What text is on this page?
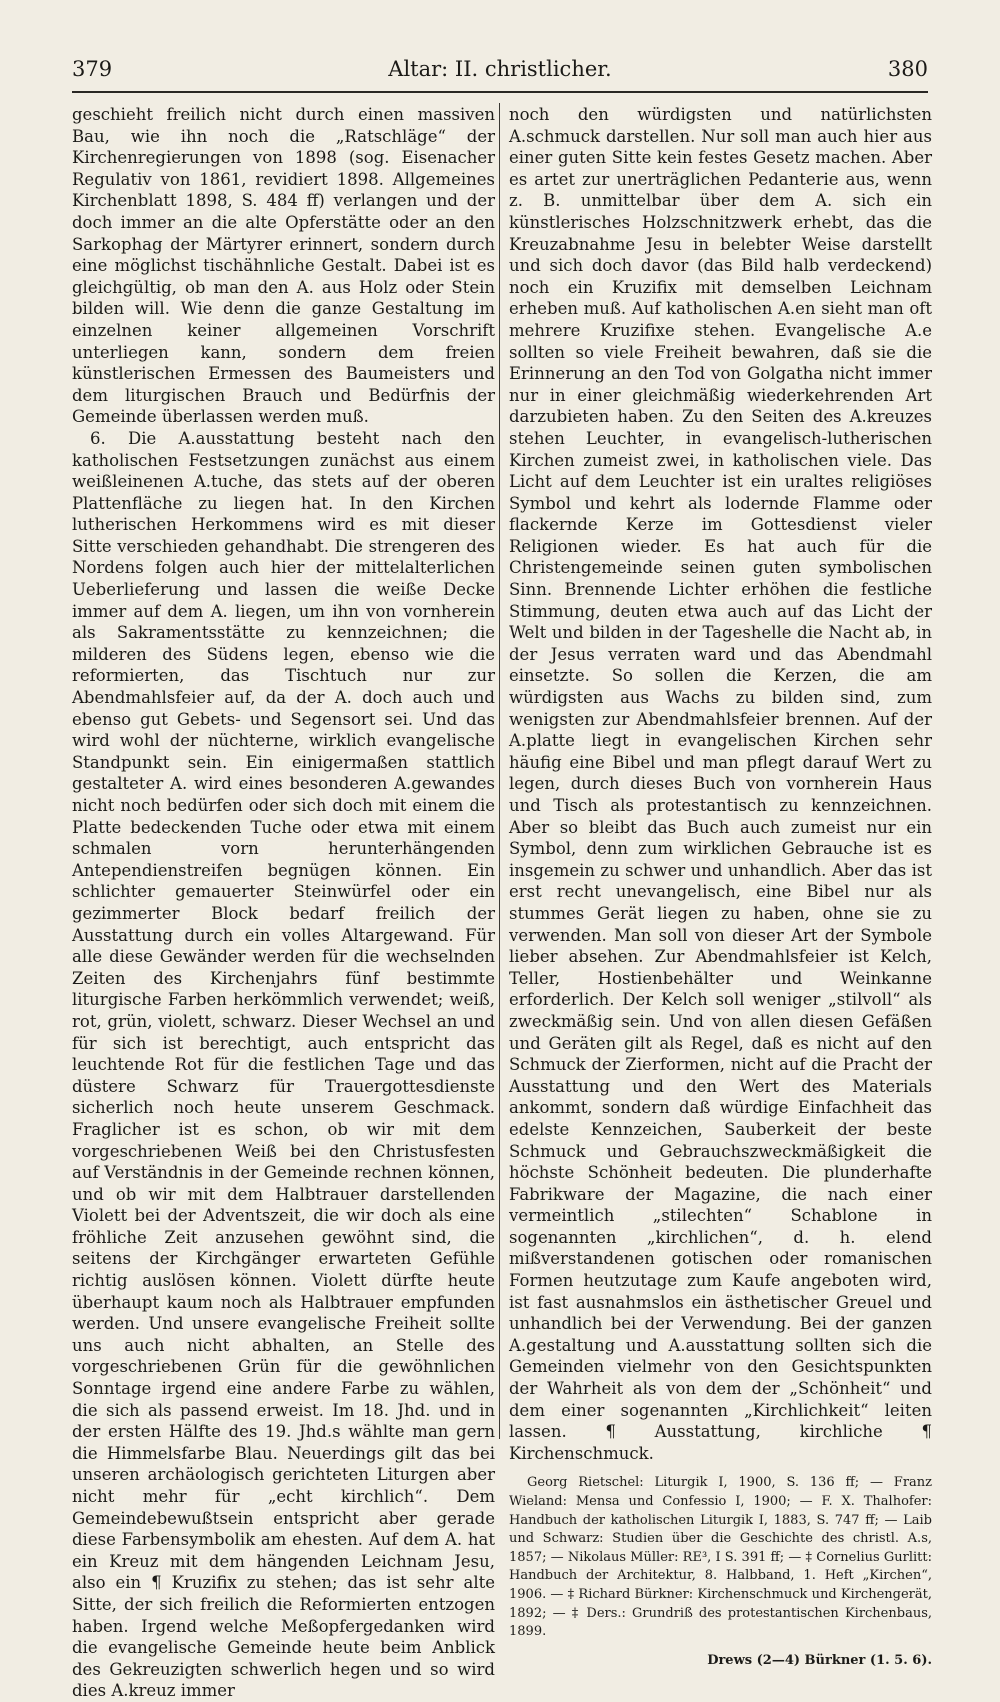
379	Altar: II. christlicher.	380

geschieht freilich nicht durch einen massiven Bau, wie ihn noch die „Ratschläge“ der Kirchenregierungen von 1898 (sog. Eisenacher Regulativ von 1861, revidiert 1898. Allgemeines Kirchenblatt 1898, S. 484 ff) verlangen und der doch immer an die alte Opferstätte oder an den Sarkophag der Märtyrer erinnert, sondern durch eine möglichst tischähnliche Gestalt. Dabei ist es gleichgültig, ob man den A. aus Holz oder Stein bilden will. Wie denn die ganze Gestaltung im einzelnen keiner allgemeinen Vorschrift unterliegen kann, sondern dem freien künstlerischen Ermessen des Baumeisters und dem liturgischen Brauch und Bedürfnis der Gemeinde überlassen werden muß.

6. Die A.ausstattung besteht nach den katholischen Festsetzungen zunächst aus einem weißleinenen A.tuche, das stets auf der oberen Plattenfläche zu liegen hat. In den Kirchen lutherischen Herkommens wird es mit dieser Sitte verschieden gehandhabt. Die strengeren des Nordens folgen auch hier der mittelalterlichen Ueberlieferung und lassen die weiße Decke immer auf dem A. liegen, um ihn von vornherein als Sakramentsstätte zu kennzeichnen; die milderen des Südens legen, ebenso wie die reformierten, das Tischtuch nur zur Abendmahlsfeier auf, da der A. doch auch und ebenso gut Gebets- und Segensort sei. Und das wird wohl der nüchterne, wirklich evangelische Standpunkt sein. Ein einigermaßen stattlich gestalteter A. wird eines besonderen A.gewandes nicht noch bedürfen oder sich doch mit einem die Platte bedeckenden Tuche oder etwa mit einem schmalen vorn herunterhängenden Antependienstreifen begnügen können. Ein schlichter gemauerter Steinwürfel oder ein gezimmerter Block bedarf freilich der Ausstattung durch ein volles Altargewand. Für alle diese Gewänder werden für die wechselnden Zeiten des Kirchenjahrs fünf bestimmte liturgische Farben herkömmlich verwendet; weiß, rot, grün, violett, schwarz. Dieser Wechsel an und für sich ist berechtigt, auch entspricht das leuchtende Rot für die festlichen Tage und das düstere Schwarz für Trauergottesdienste sicherlich noch heute unserem Geschmack. Fraglicher ist es schon, ob wir mit dem vorgeschriebenen Weiß bei den Christusfesten auf Verständnis in der Gemeinde rechnen können, und ob wir mit dem Halbtrauer darstellenden Violett bei der Adventszeit, die wir doch als eine fröhliche Zeit anzusehen gewöhnt sind, die seitens der Kirchgänger erwarteten Gefühle richtig auslösen können. Violett dürfte heute überhaupt kaum noch als Halbtrauer empfunden werden. Und unsere evangelische Freiheit sollte uns auch nicht abhalten, an Stelle des vorgeschriebenen Grün für die gewöhnlichen Sonntage irgend eine andere Farbe zu wählen, die sich als passend erweist. Im 18. Jhd. und in der ersten Hälfte des 19. Jhd.s wählte man gern die Himmelsfarbe Blau. Neuerdings gilt das bei unseren archäologisch gerichteten Liturgen aber nicht mehr für „echt kirchlich“. Dem Gemeindebewußtsein entspricht aber gerade diese Farbensymbolik am ehesten. Auf dem A. hat ein Kreuz mit dem hängenden Leichnam Jesu, also ein ¶ Kruzifix zu stehen; das ist sehr alte Sitte, der sich freilich die Reformierten entzogen haben. Irgend welche Meßopfergedanken wird die evangelische Gemeinde heute beim Anblick des Gekreuzigten schwerlich hegen und so wird dies A.kreuz immer

noch den würdigsten und natürlichsten A.schmuck darstellen. Nur soll man auch hier aus einer guten Sitte kein festes Gesetz machen. Aber es artet zur unerträglichen Pedanterie aus, wenn z. B. unmittelbar über dem A. sich ein künstlerisches Holzschnitzwerk erhebt, das die Kreuzabnahme Jesu in belebter Weise darstellt und sich doch davor (das Bild halb verdeckend) noch ein Kruzifix mit demselben Leichnam erheben muß. Auf katholischen A.en sieht man oft mehrere Kruzifixe stehen. Evangelische A.e sollten so viele Freiheit bewahren, daß sie die Erinnerung an den Tod von Golgatha nicht immer nur in einer gleichmäßig wiederkehrenden Art darzubieten haben. Zu den Seiten des A.kreuzes stehen Leuchter, in evangelisch-lutherischen Kirchen zumeist zwei, in katholischen viele. Das Licht auf dem Leuchter ist ein uraltes religiöses Symbol und kehrt als lodernde Flamme oder flackernde Kerze im Gottesdienst vieler Religionen wieder. Es hat auch für die Christengemeinde seinen guten symbolischen Sinn. Brennende Lichter erhöhen die festliche Stimmung, deuten etwa auch auf das Licht der Welt und bilden in der Tageshelle die Nacht ab, in der Jesus verraten ward und das Abendmahl einsetzte. So sollen die Kerzen, die am würdigsten aus Wachs zu bilden sind, zum wenigsten zur Abendmahlsfeier brennen. Auf der A.platte liegt in evangelischen Kirchen sehr häufig eine Bibel und man pflegt darauf Wert zu legen, durch dieses Buch von vornherein Haus und Tisch als protestantisch zu kennzeichnen. Aber so bleibt das Buch auch zumeist nur ein Symbol, denn zum wirklichen Gebrauche ist es insgemein zu schwer und unhandlich. Aber das ist erst recht unevangelisch, eine Bibel nur als stummes Gerät liegen zu haben, ohne sie zu verwenden. Man soll von dieser Art der Symbole lieber absehen. Zur Abendmahlsfeier ist Kelch, Teller, Hostienbehälter und Weinkanne erforderlich. Der Kelch soll weniger „stilvoll“ als zweckmäßig sein. Und von allen diesen Gefäßen und Geräten gilt als Regel, daß es nicht auf den Schmuck der Zierformen, nicht auf die Pracht der Ausstattung und den Wert des Materials ankommt, sondern daß würdige Einfachheit das edelste Kennzeichen, Sauberkeit der beste Schmuck und Gebrauchszweckmäßigkeit die höchste Schönheit bedeuten. Die plunderhafte Fabrikware der Magazine, die nach einer vermeintlich „stilechten“ Schablone in sogenannten „kirchlichen“, d. h. elend mißverstandenen gotischen oder romanischen Formen heutzutage zum Kaufe angeboten wird, ist fast ausnahmslos ein ästhetischer Greuel und unhandlich bei der Verwendung. Bei der ganzen A.gestaltung und A.ausstattung sollten sich die Gemeinden vielmehr von den Gesichtspunkten der Wahrheit als von dem der „Schönheit“ und dem einer sogenannten „Kirchlichkeit“ leiten lassen. ¶ Ausstattung, kirchliche ¶ Kirchenschmuck.

Georg Rietschel: Liturgik I, 1900, S. 136 ff; — Franz Wieland: Mensa und Confessio I, 1900; — F. X. Thalhofer: Handbuch der katholischen Liturgik I, 1883, S. 747 ff; — Laib und Schwarz: Studien über die Geschichte des christl. A.s, 1857; — Nikolaus Müller: RE³, I S. 391 ff; — ‡ Cornelius Gurlitt: Handbuch der Architektur, 8. Halbband, 1. Heft „Kirchen“, 1906. — ‡ Richard Bürkner: Kirchenschmuck und Kirchengerät, 1892; — ‡ Ders.: Grundriß des protestantischen Kirchenbaus, 1899.

Drews (2—4) Bürkner (1. 5. 6).
